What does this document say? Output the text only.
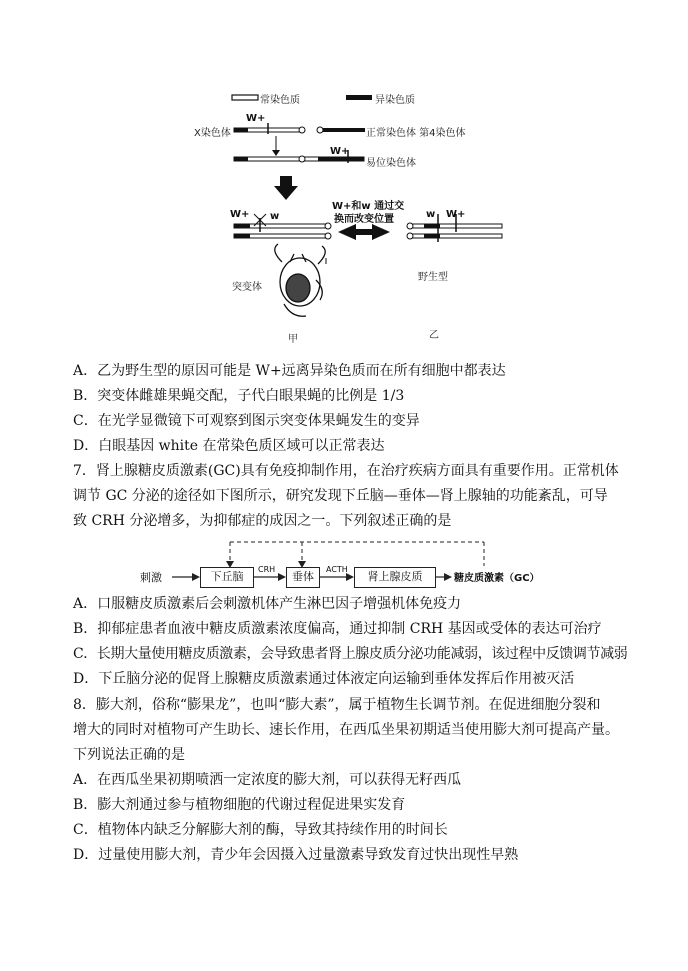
常染色质	异染色质
W+
X染色体	正常染色体 第4染色体
W+
易位染色体
W+和w 通过交
换而改变位置
W+ w	w W+
突变体
野生型
甲	乙
A．乙为野生型的原因可能是 W+远离异染色质而在所有细胞中都表达
B．突变体雌雄果蝇交配，子代白眼果蝇的比例是 1/3
C．在光学显微镜下可观察到图示突变体果蝇发生的变异
D．白眼基因 white 在常染色质区域可以正常表达
7．肾上腺糖皮质激素(GC)具有免疫抑制作用，在治疗疾病方面具有重要作用。正常机体
调节 GC 分泌的途径如下图所示，研究发现下丘脑—垂体—肾上腺轴的功能紊乱，可导
致 CRH 分泌增多，为抑郁症的成因之一。下列叙述正确的是
刺激	下丘脑
CRH
垂体
ACTH
肾上腺皮质	糖皮质激素（GC）
A．口服糖皮质激素后会刺激机体产生淋巴因子增强机体免疫力
B．抑郁症患者血液中糖皮质激素浓度偏高，通过抑制 CRH 基因或受体的表达可治疗
C．长期大量使用糖皮质激素，会导致患者肾上腺皮质分泌功能减弱，该过程中反馈调节减弱
D．下丘脑分泌的促肾上腺糖皮质激素通过体液定向运输到垂体发挥后作用被灭活
8．膨大剂，俗称“膨果龙”，也叫“膨大素”，属于植物生长调节剂。在促进细胞分裂和
增大的同时对植物可产生助长、速长作用，在西瓜坐果初期适当使用膨大剂可提高产量。
下列说法正确的是
A．在西瓜坐果初期喷洒一定浓度的膨大剂，可以获得无籽西瓜
B．膨大剂通过参与植物细胞的代谢过程促进果实发育
C．植物体内缺乏分解膨大剂的酶，导致其持续作用的时间长
D．过量使用膨大剂，青少年会因摄入过量激素导致发育过快出现性早熟
